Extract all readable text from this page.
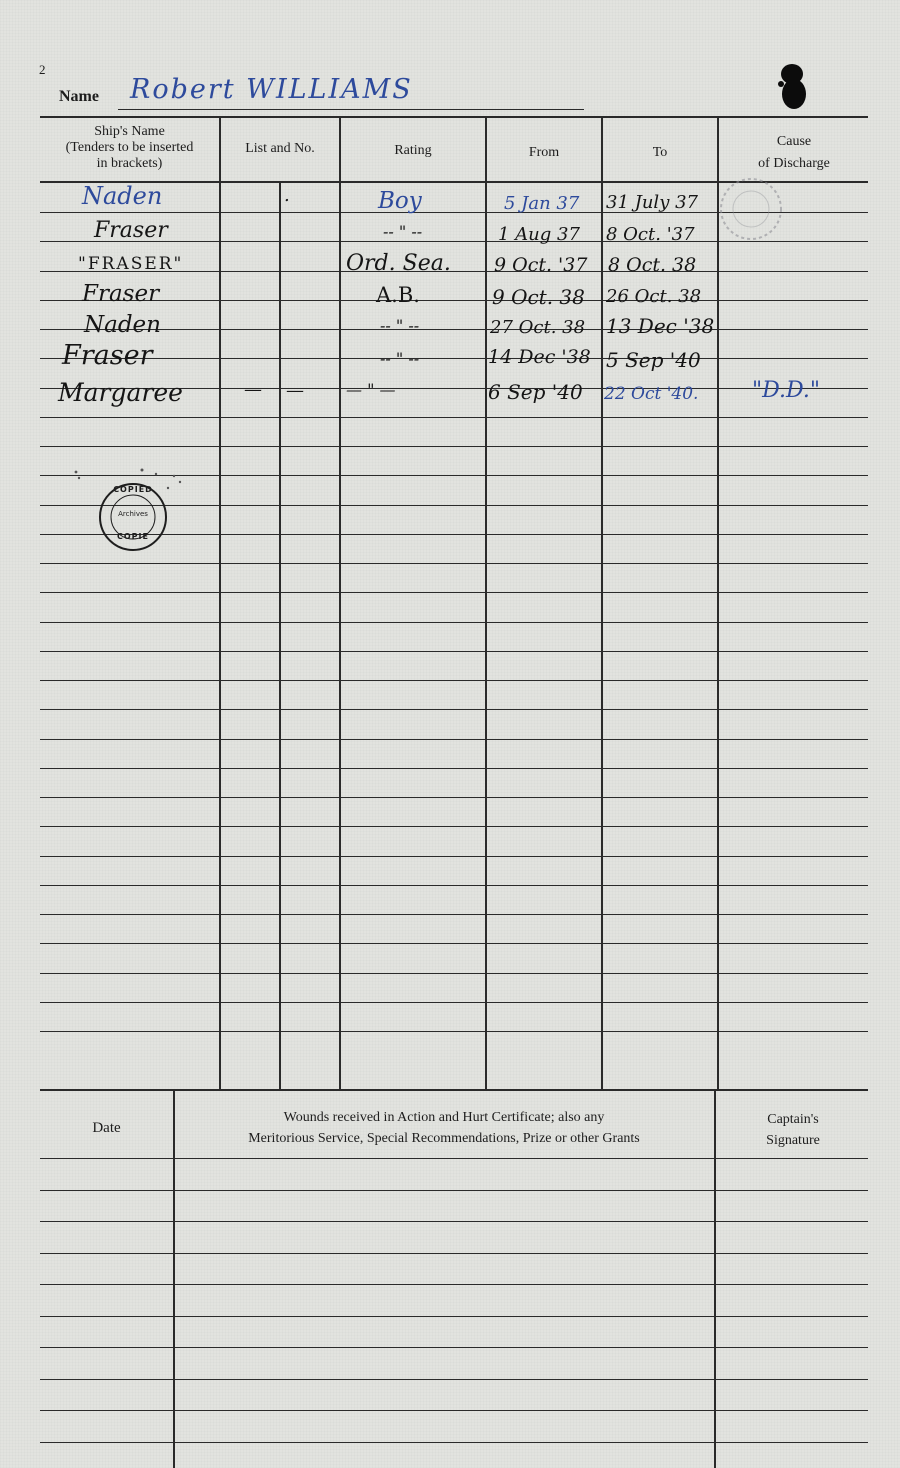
2
Name Robert WILLIAMS
Ship's Name
(Tenders to be inserted
in brackets)
List and No.	Rating	From	To
Cause
of Discharge
Naden	.	Boy	5 Jan 37 31 July 37
Fraser	-- " --	1 Aug 37 8 Oct. '37
"FRASER"	Ord. Sea. 9 Oct. '37 8 Oct. 38
Fraser	A.B.	9 Oct. 38 26 Oct. 38
Naden	-- " --	27 Oct. 38 13 Dec '38
Fraser	-- " --	14 Dec '38 5 Sep '40
Margaree	— —	— " —	6 Sep '40 22 Oct '40. "D.D."
COPIED
Archives
COPIE
Date
Wounds received in Action and Hurt Certificate; also any
Meritorious Service, Special Recommendations, Prize or other Grants
Captain's
Signature
